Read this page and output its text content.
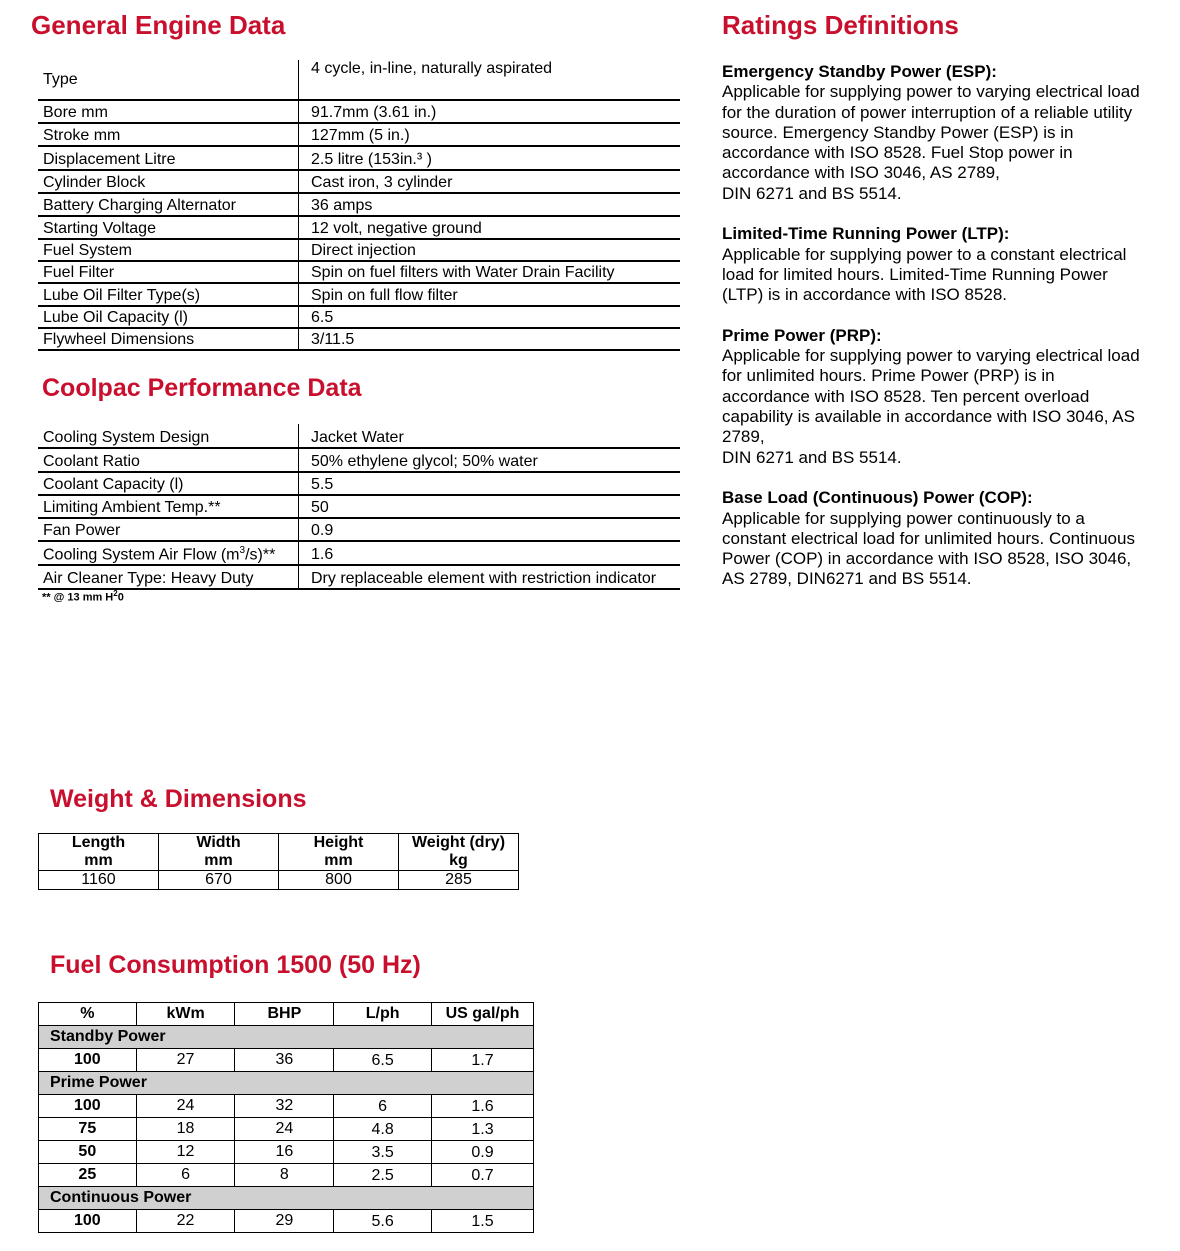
General Engine Data	Ratings Definitions
Type	4 cycle, in-line, naturally aspirated
Bore mm	91.7mm (3.61 in.)
Stroke mm	127mm (5 in.)
Displacement Litre	2.5 litre (153in.³ )
Cylinder Block	Cast iron, 3 cylinder
Battery Charging Alternator	36 amps
Starting Voltage	12 volt, negative ground
Fuel System	Direct injection
Fuel Filter	Spin on fuel filters with Water Drain Facility
Lube Oil Filter Type(s)	Spin on full flow filter
Lube Oil Capacity (l)	6.5
Flywheel Dimensions	3/11.5
Coolpac Performance Data
Cooling System Design	Jacket Water
Coolant Ratio	50% ethylene glycol; 50% water
Coolant Capacity (l)	5.5
Limiting Ambient Temp.**	50
Fan Power	0.9
Cooling System Air Flow $(m^3/s)**$	1.6
Air Cleaner Type: Heavy Duty	Dry replaceable element with restriction indicator
** @ 13 mm $H^20$

Emergency Standby Power (ESP):
Applicable for supplying power to varying electrical load for the duration of power interruption of a reliable utility source. Emergency Standby Power (ESP) is in accordance with ISO 8528. Fuel Stop power in accordance with ISO 3046, AS 2789,
DIN 6271 and BS 5514.

Limited-Time Running Power (LTP):
Applicable for supplying power to a constant electrical load for limited hours. Limited-Time Running Power (LTP) is in accordance with ISO 8528.

Prime Power (PRP):
Applicable for supplying power to varying electrical load for unlimited hours. Prime Power (PRP) is in accordance with ISO 8528. Ten percent overload capability is available in accordance with ISO 3046, AS 2789,
DIN 6271 and BS 5514.

Base Load (Continuous) Power (COP):
Applicable for supplying power continuously to a constant electrical load for unlimited hours. Continuous Power (COP) in accordance with ISO 8528, ISO 3046, AS 2789, DIN6271 and BS 5514.

Weight & Dimensions
Length	Width	Height	Weight (dry)
mm	mm	mm	kg
1160	670	800	285
Fuel Consumption 1500 (50 Hz)
%	kWm	BHP	L/ph	US gal/ph
Standby Power				
100	27	36	6.5	1.7
Prime Power				
100	24	32	6	1.6
75	18	24	4.8	1.3
50	12	16	3.5	0.9
25	6	8	2.5	0.7
Continuous Power				
100	22	29	5.6	1.5
